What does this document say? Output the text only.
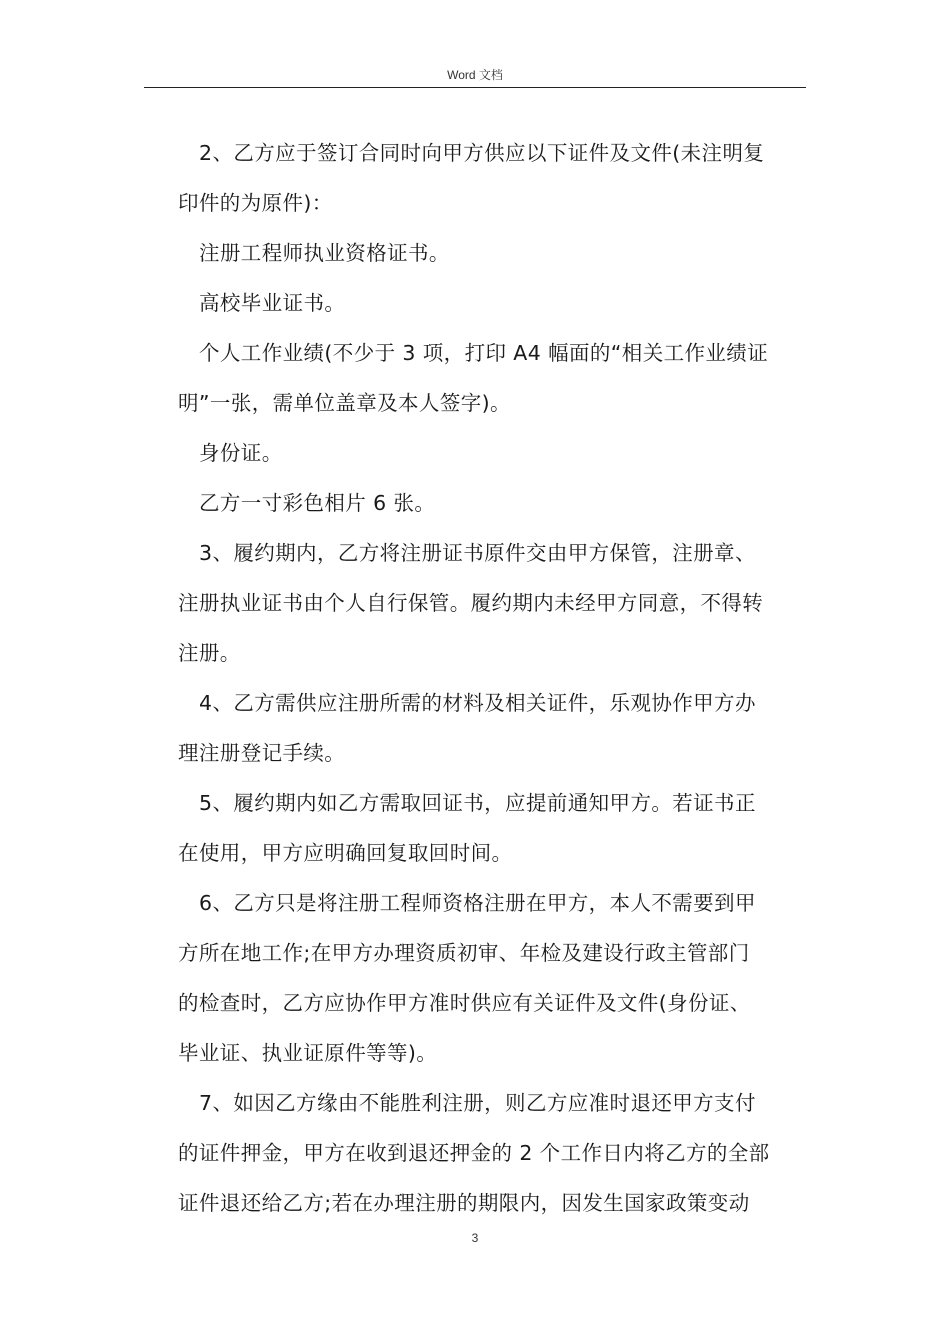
Word 文档
2、乙方应于签订合同时向甲方供应以下证件及文件(未注明复
印件的为原件)：
注册工程师执业资格证书。
高校毕业证书。
个人工作业绩(不少于 3 项，打印 A4 幅面的“相关工作业绩证
明”一张，需单位盖章及本人签字)。
身份证。
乙方一寸彩色相片 6 张。
3、履约期内，乙方将注册证书原件交由甲方保管，注册章、
注册执业证书由个人自行保管。履约期内未经甲方同意，不得转
注册。
4、乙方需供应注册所需的材料及相关证件，乐观协作甲方办
理注册登记手续。
5、履约期内如乙方需取回证书，应提前通知甲方。若证书正
在使用，甲方应明确回复取回时间。
6、乙方只是将注册工程师资格注册在甲方，本人不需要到甲
方所在地工作;在甲方办理资质初审、年检及建设行政主管部门
的检查时，乙方应协作甲方准时供应有关证件及文件(身份证、
毕业证、执业证原件等等)。
7、如因乙方缘由不能胜利注册，则乙方应准时退还甲方支付
的证件押金，甲方在收到退还押金的 2 个工作日内将乙方的全部
证件退还给乙方;若在办理注册的期限内，因发生国家政策变动
3
